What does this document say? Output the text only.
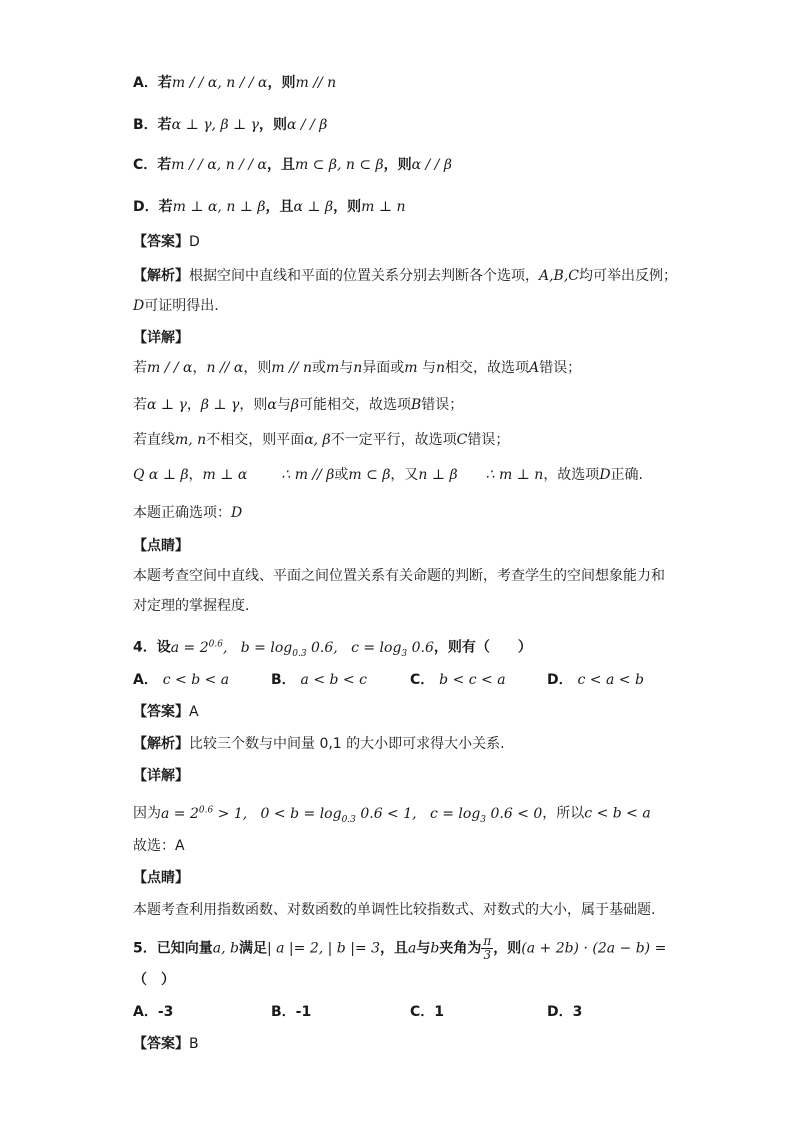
A．若m / / α, n / / α，则m // n
B．若α ⊥ γ, β ⊥ γ，则α / / β
C．若m / / α, n / / α，且m ⊂ β, n ⊂ β，则α / / β
D．若m ⊥ α, n ⊥ β，且α ⊥ β，则m ⊥ n
【答案】D
【解析】根据空间中直线和平面的位置关系分别去判断各个选项，A,B,C均可举出反例；
D可证明得出.
【详解】
若m / / α，n // α，则m // n或m与n异面或m 与n相交，故选项A错误；
若α ⊥ γ，β ⊥ γ，则α与β可能相交，故选项B错误；
若直线m, n不相交，则平面α, β不一定平行，故选项C错误；
Q α ⊥ β，m ⊥ α ∴ m // β或m ⊂ β，又n ⊥ β ∴ m ⊥ n，故选项D正确.
本题正确选项：D
【点睛】
本题考查空间中直线、平面之间位置关系有关命题的判断，考查学生的空间想象能力和
对定理的掌握程度.
4．设$a = 2^{0.6}$,   $b = \log_{0.3} 0.6$,   $c = \log_3 0.6$，则有（　　）
A． c < b < a	B． a < b < c	C． b < c < a	D． c < a < b
【答案】A
【解析】比较三个数与中间量 0,1 的大小即可求得大小关系.
【详解】
因为$a = 2^{0.6} > 1$,   $0 < b = \log_{0.3} 0.6 < 1$,   $c = \log_3 0.6 < 0$，所以c < b < a
故选：A
【点睛】
本题考查利用指数函数、对数函数的单调性比较指数式、对数式的大小，属于基础题.
5．已知向量a, b满足| a |= 2, | b |= 3，且a与b夹角为 $\frac{\pi}{3}$ ，则(a + 2b) · (2a − b) =
（　）
A．-3	B．-1	C．1	D．3
【答案】B
